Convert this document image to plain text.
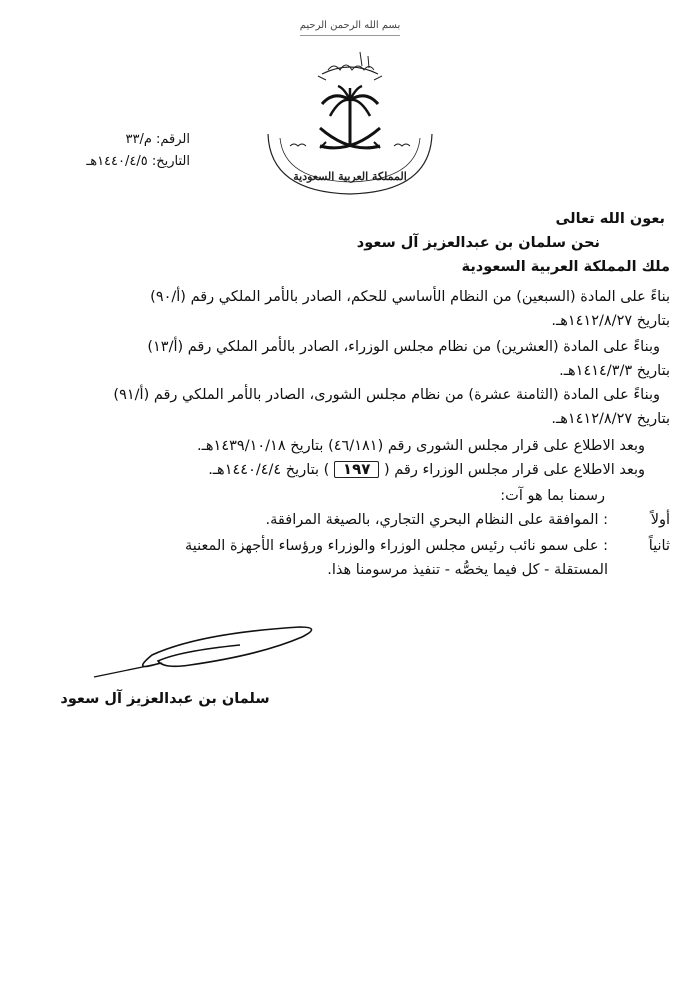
بسم الله الرحمن الرحيم
المملكة العربية السعودية
الرقم: م/٣٣
التاريخ: ١٤٤٠/٤/٥هـ
بعون الله تعالى
نحن سلمان بن عبدالعزيز آل سعود
ملك المملكة العربية السعودية
بناءً على المادة (السبعين) من النظام الأساسي للحكم، الصادر بالأمر الملكي رقم (أ/٩٠)
بتاريخ ١٤١٢/٨/٢٧هـ.
وبناءً على المادة (العشرين) من نظام مجلس الوزراء، الصادر بالأمر الملكي رقم (أ/١٣)
بتاريخ ١٤١٤/٣/٣هـ.
وبناءً على المادة (الثامنة عشرة) من نظام مجلس الشورى، الصادر بالأمر الملكي رقم (أ/٩١)
بتاريخ ١٤١٢/٨/٢٧هـ.
وبعد الاطلاع على قرار مجلس الشورى رقم (٤٦/١٨١) بتاريخ ١٤٣٩/١٠/١٨هـ.
وبعد الاطلاع على قرار مجلس الوزراء رقم ( ١٩٧ ) بتاريخ ١٤٤٠/٤/٤هـ.
رسمنا بما هو آت:
أولاً
: الموافقة على النظام البحري التجاري، بالصيغة المرافقة.
ثانياً
: على سمو نائب رئيس مجلس الوزراء والوزراء ورؤساء الأجهزة المعنية
المستقلة - كل فيما يخصُّه - تنفيذ مرسومنا هذا.
سلمان بن عبدالعزيز آل سعود
